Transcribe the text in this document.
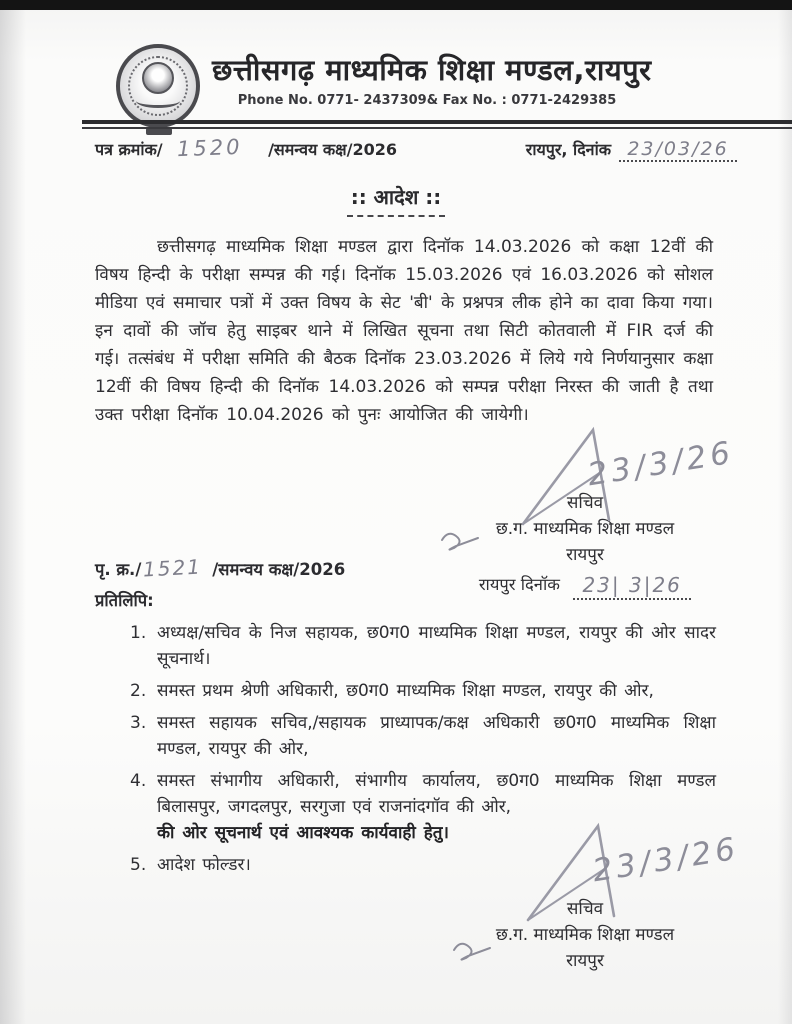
छत्तीसगढ़ माध्यमिक शिक्षा मण्डल,रायपुर
Phone No. 0771- 2437309& Fax No. : 0771-2429385
पत्र क्रमांक/ 1520 /समन्वय कक्ष/2026	रायपुर, दिनांक 23/03/26
:: आदेश ::
छत्तीसगढ़ माध्यमिक शिक्षा मण्डल द्वारा दिनॉक 14.03.2026 को कक्षा 12वीं की विषय हिन्दी के परीक्षा सम्पन्न की गई। दिनॉक 15.03.2026 एवं 16.03.2026 को सोशल मीडिया एवं समाचार पत्रों में उक्त विषय के सेट 'बी' के प्रश्नपत्र लीक होने का दावा किया गया। इन दावों की जॉच हेतु साइबर थाने में लिखित सूचना तथा सिटी कोतवाली में FIR दर्ज की गई। तत्संबंध में परीक्षा समिति की बैठक दिनॉक 23.03.2026 में लिये गये निर्णयानुसार कक्षा 12वीं की विषय हिन्दी की दिनॉक 14.03.2026 को सम्पन्न परीक्षा निरस्त की जाती है तथा उक्त परीक्षा दिनॉक 10.04.2026 को पुनः आयोजित की जायेगी।
23/3/26
सचिव
छ.ग. माध्यमिक शिक्षा मण्डल
रायपुर
रायपुर दिनॉक 23| 3|26
पृ. क्र./ 1521 /समन्वय कक्ष/2026
प्रतिलिपि:
1. अध्यक्ष/सचिव के निज सहायक, छ0ग0 माध्यमिक शिक्षा मण्डल, रायपुर की ओर सादर सूचनार्थ।
2. समस्त प्रथम श्रेणी अधिकारी, छ0ग0 माध्यमिक शिक्षा मण्डल, रायपुर की ओर,
3. समस्त सहायक सचिव,/सहायक प्राध्यापक/कक्ष अधिकारी छ0ग0 माध्यमिक शिक्षा मण्डल, रायपुर की ओर,
4. समस्त संभागीय अधिकारी, संभागीय कार्यालय, छ0ग0 माध्यमिक शिक्षा मण्डल बिलासपुर, जगदलपुर, सरगुजा एवं राजनांदगॉव की ओर,
की ओर सूचनार्थ एवं आवश्यक कार्यवाही हेतु।
5. आदेश फोल्डर।	23/3/26
सचिव
छ.ग. माध्यमिक शिक्षा मण्डल
रायपुर
